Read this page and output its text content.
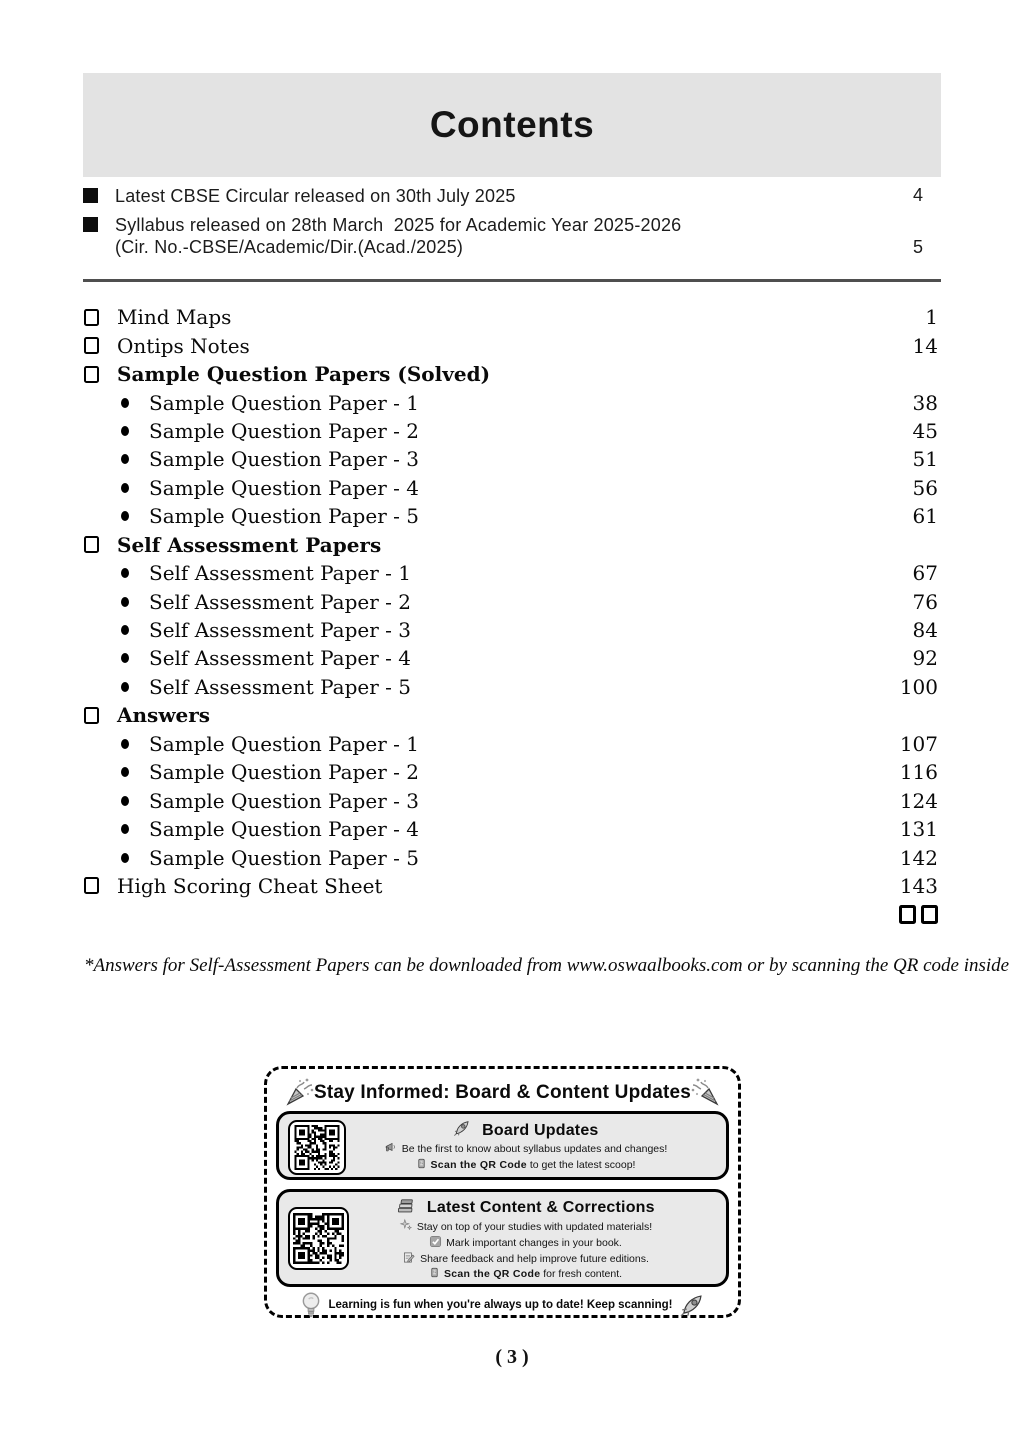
Contents
Latest CBSE Circular released on 30th July 2025	4
Syllabus released on 28th March  2025 for Academic Year 2025-2026
(Cir. No.-CBSE/Academic/Dir.(Acad./2025)	5
Mind Maps	1
Ontips Notes	14
Sample Question Papers (Solved)
Sample Question Paper - 1	38
Sample Question Paper - 2	45
Sample Question Paper - 3	51
Sample Question Paper - 4	56
Sample Question Paper - 5	61
Self Assessment Papers
Self Assessment Paper - 1	67
Self Assessment Paper - 2	76
Self Assessment Paper - 3	84
Self Assessment Paper - 4	92
Self Assessment Paper - 5	100
Answers
Sample Question Paper - 1	107
Sample Question Paper - 2	116
Sample Question Paper - 3	124
Sample Question Paper - 4	131
Sample Question Paper - 5	142
High Scoring Cheat Sheet	143
*Answers for Self-Assessment Papers can be downloaded from www.oswaalbooks.com or by scanning the QR code inside
Stay Informed: Board & Content Updates
Board Updates
Be the first to know about syllabus updates and changes!
Scan the QR Code to get the latest scoop!
Latest Content & Corrections
Stay on top of your studies with updated materials!
Mark important changes in your book.
Share feedback and help improve future editions.
Scan the QR Code for fresh content.
Learning is fun when you're always up to date! Keep scanning!
( 3 )
